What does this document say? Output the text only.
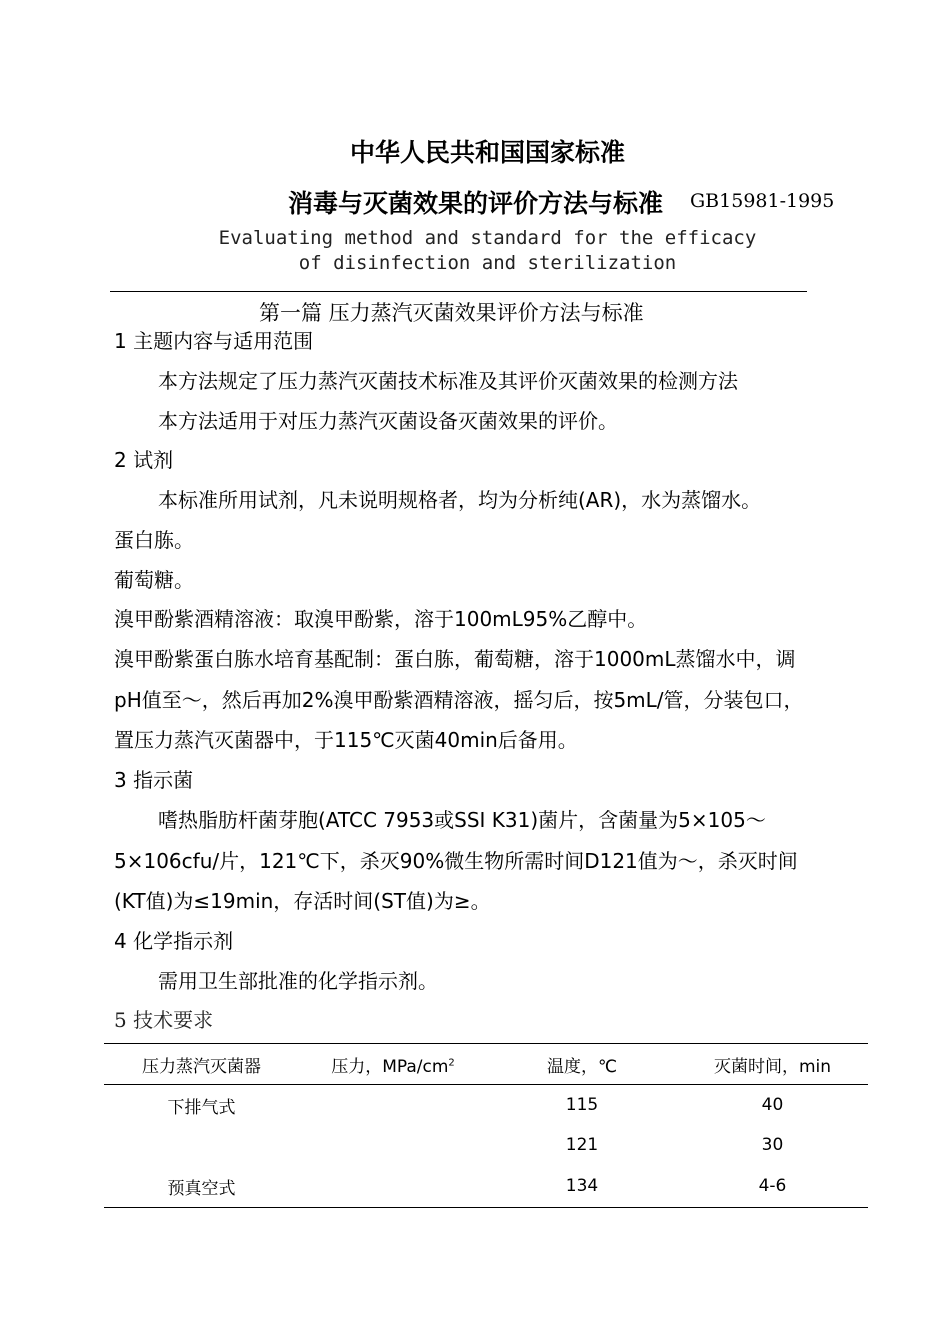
中华人民共和国国家标准
消毒与灭菌效果的评价方法与标准 GB15981-1995
Evaluating method and standard for the efficacy
of disinfection and sterilization
第一篇 压力蒸汽灭菌效果评价方法与标准
1 主题内容与适用范围
本方法规定了压力蒸汽灭菌技术标准及其评价灭菌效果的检测方法
本方法适用于对压力蒸汽灭菌设备灭菌效果的评价。
2 试剂
本标准所用试剂，凡未说明规格者，均为分析纯(AR)，水为蒸馏水。
蛋白胨。
葡萄糖。
溴甲酚紫酒精溶液：取溴甲酚紫，溶于100mL95%乙醇中。
溴甲酚紫蛋白胨水培育基配制：蛋白胨，葡萄糖，溶于1000mL蒸馏水中，调
pH值至～，然后再加2%溴甲酚紫酒精溶液，摇匀后，按5mL/管，分装包口，
置压力蒸汽灭菌器中，于115℃灭菌40min后备用。
3 指示菌
嗜热脂肪杆菌芽胞(ATCC 7953或SSI K31)菌片，含菌量为5×105～
5×106cfu/片，121℃下，杀灭90%微生物所需时间D121值为～，杀灭时间
(KT值)为≤19min，存活时间(ST值)为≥。
4 化学指示剂
需用卫生部批准的化学指示剂。
5 技术要求
压力蒸汽灭菌器	压力，MPa/$cm^2$	温度，℃	灭菌时间，min
下排气式		115	40
		121	30
预真空式		134	4-6
